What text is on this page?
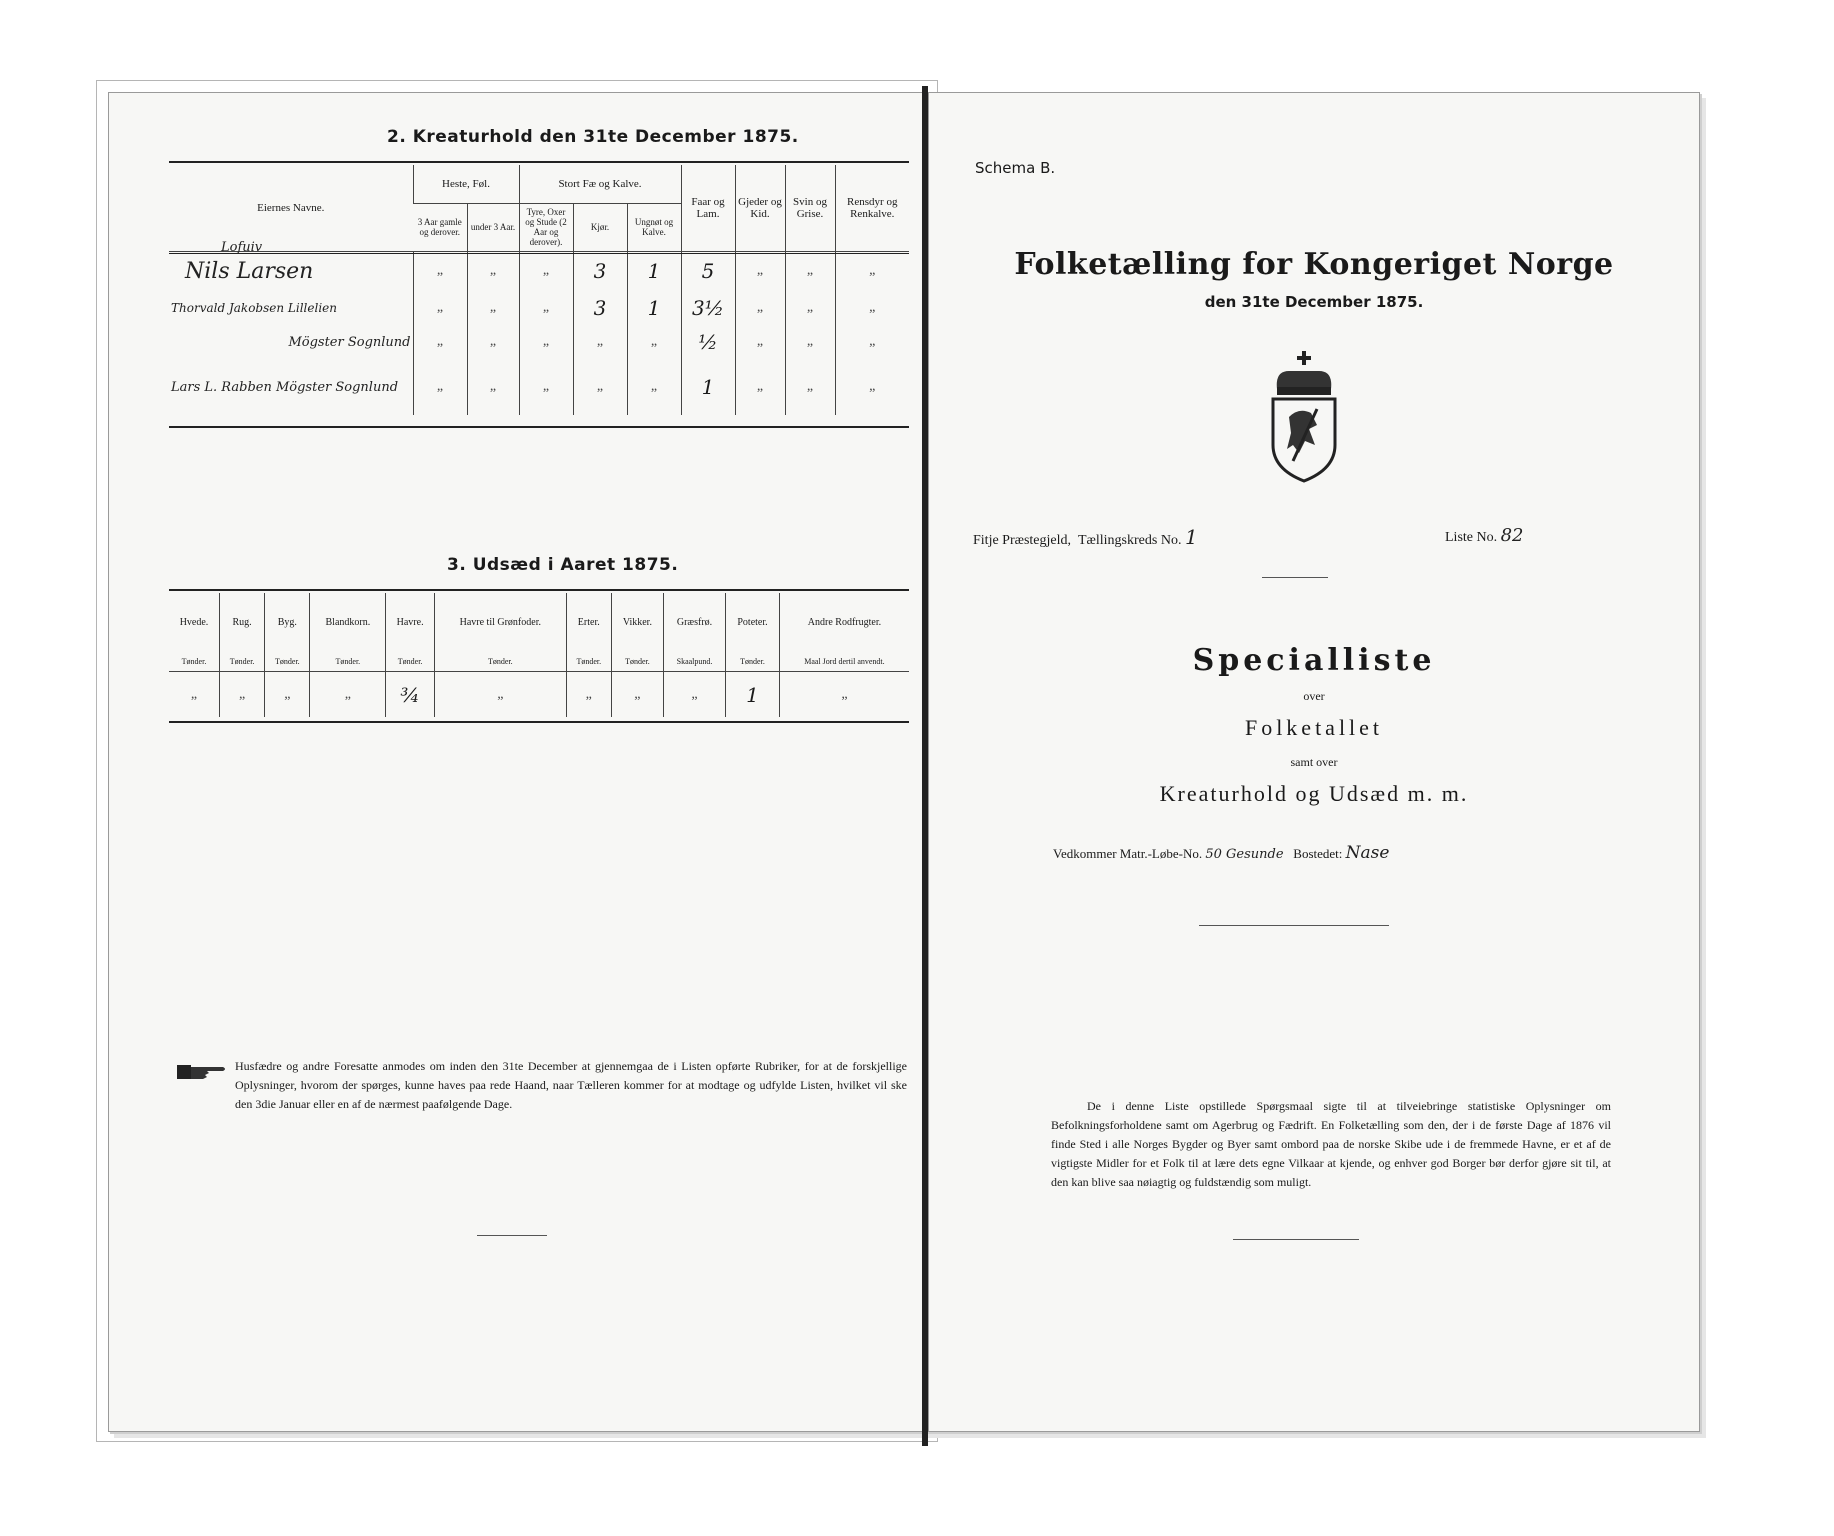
2. Kreaturhold den 31te December 1875.
Eiernes Navne.	Heste, Føl.		Stort Fæ og Kalve.			Faar og Lam.	Gjeder og Kid.	Svin og Grise.	Rensdyr og Renkalve.
	3 Aar gamle og derover.	under 3 Aar.	Tyre, Oxer og Stude (2 Aar og derover).	Kjør.	Ungnøt og Kalve.				

Lofuiv
Nils Larsen	„	„	„	3	1	5	„	„	„
Thorvald Jakobsen Lillelien	„	„	„	3	1	3½	„	„	„
Mögster Sognlund	„	„	„	„	„	½	„	„	„
Lars L. Rabben Mögster Sognlund	„	„	„	„	„	1	„	„	„
3. Udsæd i Aaret 1875.
Hvede.	Rug.	Byg.	Blandkorn.	Havre.	Havre til Grønfoder.	Erter.	Vikker.	Græsfrø.	Poteter.	Andre Rodfrugter.
Tønder.	Tønder.	Tønder.	Tønder.	Tønder.	Tønder.	Tønder.	Tønder.	Skaalpund.	Tønder.	Maal Jord dertil anvendt.
„	„	„	„	¾	„	„	„	„	1	„
Husfædre og andre Foresatte anmodes om inden den 31te December at gjennemgaa de i Listen opførte Rubriker, for at de forskjellige Oplysninger, hvorom der spørges, kunne haves paa rede Haand, naar Tælleren kommer for at modtage og udfylde Listen, hvilket vil ske den 3die Januar eller en af de nærmest paafølgende Dage.
Schema B.
Folketælling for Kongeriget Norge
den 31te December 1875.
Fitje Præstegjeld, Tællingskreds No. 1	Liste No. 82
Specialliste
over
Folketallet
samt over
Kreaturhold og Udsæd m. m.
Vedkommer Matr.-Løbe-No. 50 Gesunde Bostedet: Nase
De i denne Liste opstillede Spørgsmaal sigte til at tilveiebringe statistiske Oplysninger om Befolkningsforholdene samt om Agerbrug og Fædrift. En Folketælling som den, der i de første Dage af 1876 vil finde Sted i alle Norges Bygder og Byer samt ombord paa de norske Skibe ude i de fremmede Havne, er et af de vigtigste Midler for et Folk til at lære dets egne Vilkaar at kjende, og enhver god Borger bør derfor gjøre sit til, at den kan blive saa nøiagtig og fuldstændig som muligt.
